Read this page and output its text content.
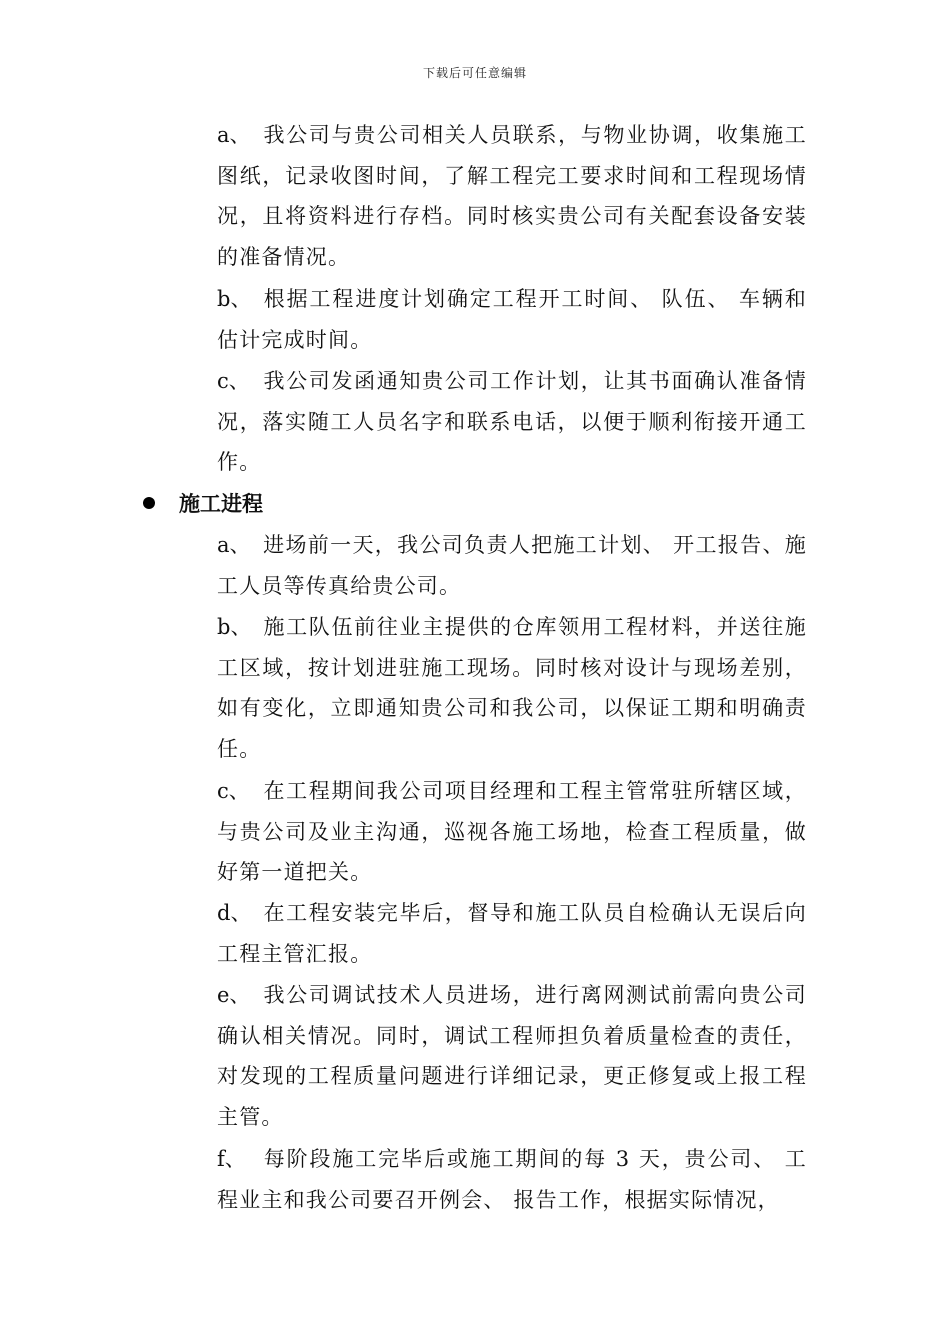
下载后可任意编辑

a、 我公司与贵公司相关人员联系，与物业协调，收集施工图纸，记录收图时间，了解工程完工要求时间和工程现场情况，且将资料进行存档。同时核实贵公司有关配套设备安装的准备情况。

b、 根据工程进度计划确定工程开工时间、 队伍、 车辆和估计完成时间。

c、 我公司发函通知贵公司工作计划，让其书面确认准备情况，落实随工人员名字和联系电话，以便于顺利衔接开通工作。

施工进程

a、 进场前一天，我公司负责人把施工计划、 开工报告、施工人员等传真给贵公司。

b、 施工队伍前往业主提供的仓库领用工程材料，并送往施工区域，按计划进驻施工现场。同时核对设计与现场差别，如有变化，立即通知贵公司和我公司，以保证工期和明确责任。

c、 在工程期间我公司项目经理和工程主管常驻所辖区域，与贵公司及业主沟通，巡视各施工场地，检查工程质量，做好第一道把关。

d、 在工程安装完毕后，督导和施工队员自检确认无误后向工程主管汇报。

e、 我公司调试技术人员进场，进行离网测试前需向贵公司确认相关情况。同时，调试工程师担负着质量检查的责任，对发现的工程质量问题进行详细记录，更正修复或上报工程主管。

f、 每阶段施工完毕后或施工期间的每 3 天，贵公司、 工程业主和我公司要召开例会、 报告工作，根据实际情况，
